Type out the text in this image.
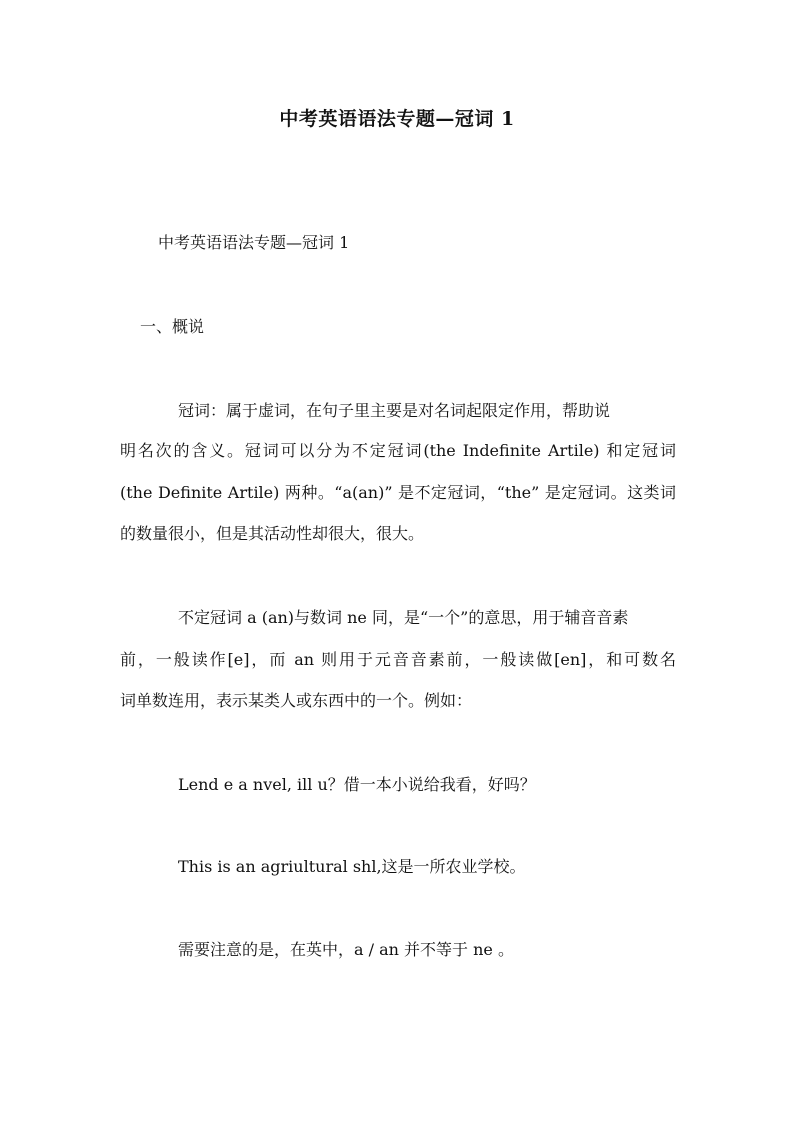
中考英语语法专题—冠词 1
中考英语语法专题—冠词 1
一、概说
冠词：属于虚词，在句子里主要是对名词起限定作用，帮助说
明名次的含义。冠词可以分为不定冠词(the Indefinite Artile) 和定冠词
(the Definite Artile) 两种。“a(an)” 是不定冠词，“the” 是定冠词。这类词
的数量很小，但是其活动性却很大，很大。
不定冠词 a (an)与数词 ne 同，是“一个”的意思，用于辅音音素
前，一般读作[e]，而 an 则用于元音音素前，一般读做[en]，和可数名
词单数连用，表示某类人或东西中的一个。例如：
Lend e a nvel, ill u？借一本小说给我看，好吗？
This is an agriultural shl,这是一所农业学校。
需要注意的是，在英中，a / an 并不等于 ne 。
